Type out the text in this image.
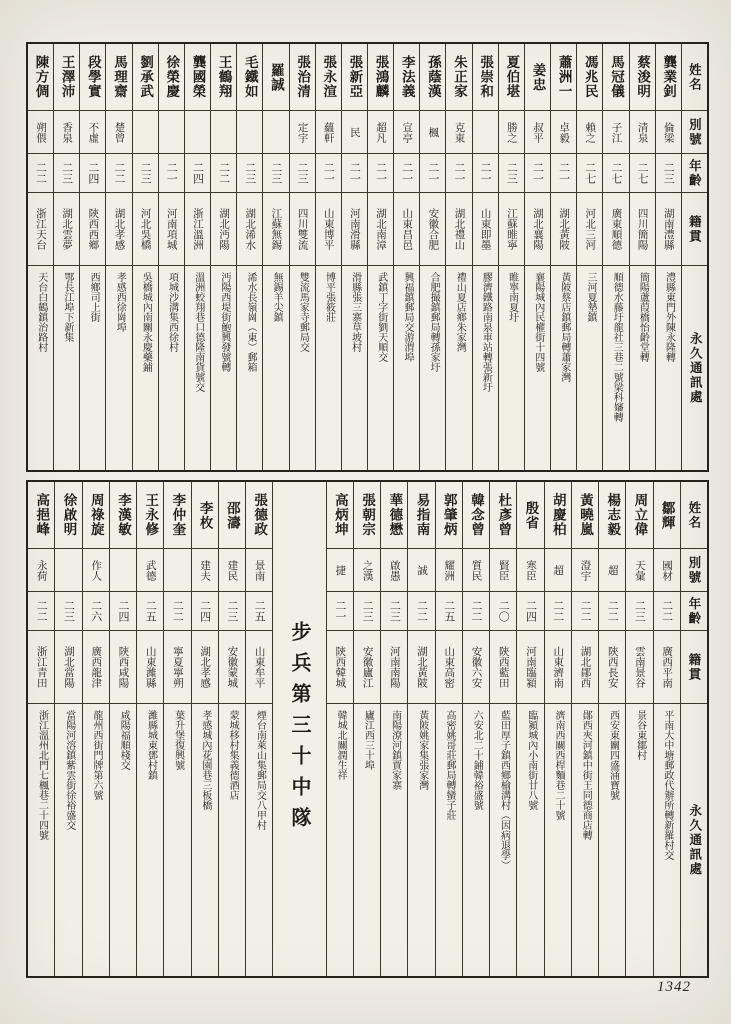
姓名
別號
年齡
籍貫
永久通訊處
龔業釗
倫梁
二三
湖南澧縣
澧縣東門外陳永隆轉
蔡浚明
清泉
二七
四川簡陽
簡陽蘆葭橋怡齡堂轉
馬冠儀
子江
二七
廣東順德
順德水藤圩龍社三巷二號梁科嬸轉
馮兆民
賴之
二七
河北三河
三河夏墊鎮
蕭洲一
卓毅
二一
湖北黃陂
黃陂蔡店鎮郵局轉蕭家灣
姜忠
叔平
二一
湖北襄陽
襄陽城內民權街十四號
夏伯堪
勝之
二三
江蘇睢寧
睢寧南夏圩
張崇和
二一
山東即墨
膠濟鐵路南泉車站轉張新圩
朱正家
克東
二一
湖北禮山
禮山夏店鄉朱家灣
孫蔭漢
楓
二一
安徽合肥
合肥撮鎮郵局轉孫家圩
李法義
宣亭
二一
山東昌邑
興福鎮郵局交游渭埠
張鴻麟
超凡
二一
湖北南漳
武鎮丁字街劉天順交
張新亞
民
二一
河南滑縣
滑縣張三寨草坡村
張永渲
蘊軒
二一
山東博平
博平張筱莊
張治清
定宇
二三
四川雙流
雙流馬家寺郵局交
羅誠
二三
江蘇無錫
無錫羊尖鎮
毛鐵如
二三
湖北浠水
浠水長嶺崗（東）郵箱
王鶴翔
二二
湖北沔陽
沔陽西堤街鮑興發號轉
龔國榮
二四
浙江溫洲
溫洲蛟翔巷口德隆南貨號交
徐榮慶
二一
河南項城
項城沙溝集西徐村
劉承武
二三
河北吳橋
吳橋城內南關永慶藥鋪
馬理齋
楚曾
二二
湖北孝感
孝感西徐崗埠
段學實
不虛
二四
陝西西鄉
西鄉司上街
王澤沛
香泉
二三
湖北雲夢
鄂長江埠下新集
陳方倜
朔偎
二二
浙江天台
天台白鶴鎮治路村
姓名
別號
年齡
籍貫
永久通訊處
鄒輝
國材
二二
廣西平南
平南大中塘郵政代辦所轉新羅村交
周立偉
天彙
二三
雲南景谷
景谷東鄒村
楊志毅
超
二二
陝西長安
西安東關四盛涌寶號
黃曉嵐
澄宇
二二
湖北鄖西
鄖西夾河鎮中街王同德商店轉
胡慶柏
超
二二
山東濟南
濟南西關西桿麵巷二十號
殷省
寒臣
二四
河南臨潁
臨潁城內小南街廿八號
杜彥曾
賢臣
二〇
陝西藍田
藍田厚子鎮西鄉榆溝村（因病退學）
韓念曾
質民
二二
安徽六安
六安北二十鋪韓裕盛號
郭肇炳
耀洲
二五
山東高密
高密姚哥莊郵局轉蠻子莊
易指南
誠
二二
湖北黃陂
黃陂姚家集張家灣
華德懋
啟愚
二三
河南南陽
南陽潦河鎮賈家寨
張朝宗
之漢
二三
安徽廬江
廬江西三十埠
高炳坤
捷
二一
陝西韓城
韓城北關潤生祥
步兵第三十中隊
張德政
景南
二五
山東牟平
煙台南萊山集郵局交八甲村
邵濤
建民
二三
安徽蒙城
蒙城移村集義德酒店
李枚
建夫
二四
湖北孝感
孝感城內花園巷三板橋
李仲奎
二二
寧夏寧朔
葉升堡復興號
王永修
武德
二五
山東濰縣
濰縣城東鄧村鎮
李漢敏
二四
陝西咸陽
咸陽福順棧交
周祿旋
作人
二六
廣西龍津
龍州西街門牌第六號
徐啟明
二三
湖北當陽
當陽河溶鎮紫雲街徐裕盛交
高挹峰
永荷
二二
浙江青田
浙江溫州北門七楓巷二十四號
1342
